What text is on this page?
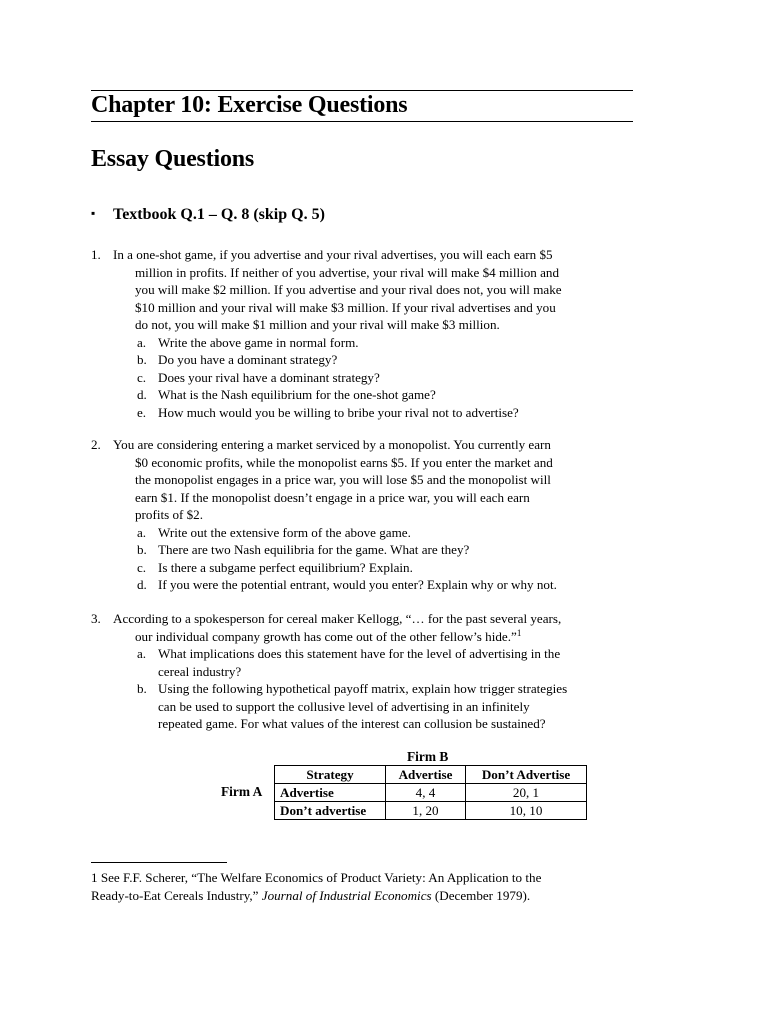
Chapter 10: Exercise Questions
Essay Questions
▪ Textbook Q.1 – Q. 8 (skip Q. 5)
1. In a one-shot game, if you advertise and your rival advertises, you will each earn $5
million in profits. If neither of you advertise, your rival will make $4 million and
you will make $2 million. If you advertise and your rival does not, you will make
$10 million and your rival will make $3 million. If your rival advertises and you
do not, you will make $1 million and your rival will make $3 million.
a. Write the above game in normal form.
b. Do you have a dominant strategy?
c. Does your rival have a dominant strategy?
d. What is the Nash equilibrium for the one-shot game?
e. How much would you be willing to bribe your rival not to advertise?
2. You are considering entering a market serviced by a monopolist. You currently earn
$0 economic profits, while the monopolist earns $5. If you enter the market and
the monopolist engages in a price war, you will lose $5 and the monopolist will
earn $1. If the monopolist doesn’t engage in a price war, you will each earn
profits of $2.
a. Write out the extensive form of the above game.
b. There are two Nash equilibria for the game. What are they?
c. Is there a subgame perfect equilibrium? Explain.
d. If you were the potential entrant, would you enter? Explain why or why not.
3. According to a spokesperson for cereal maker Kellogg, “… for the past several years,
our individual company growth has come out of the other fellow’s hide.”$^1$
a. What implications does this statement have for the level of advertising in the
cereal industry?
b. Using the following hypothetical payoff matrix, explain how trigger strategies
can be used to support the collusive level of advertising in an infinitely
repeated game. For what values of the interest can collusion be sustained?
Firm B
Firm A
Strategy	Advertise	Don’t Advertise
Advertise	4, 4	20, 1
Don’t advertise	1, 20	10, 10
1 See F.F. Scherer, “The Welfare Economics of Product Variety: An Application to the
Ready-to-Eat Cereals Industry,” Journal of Industrial Economics (December 1979).
